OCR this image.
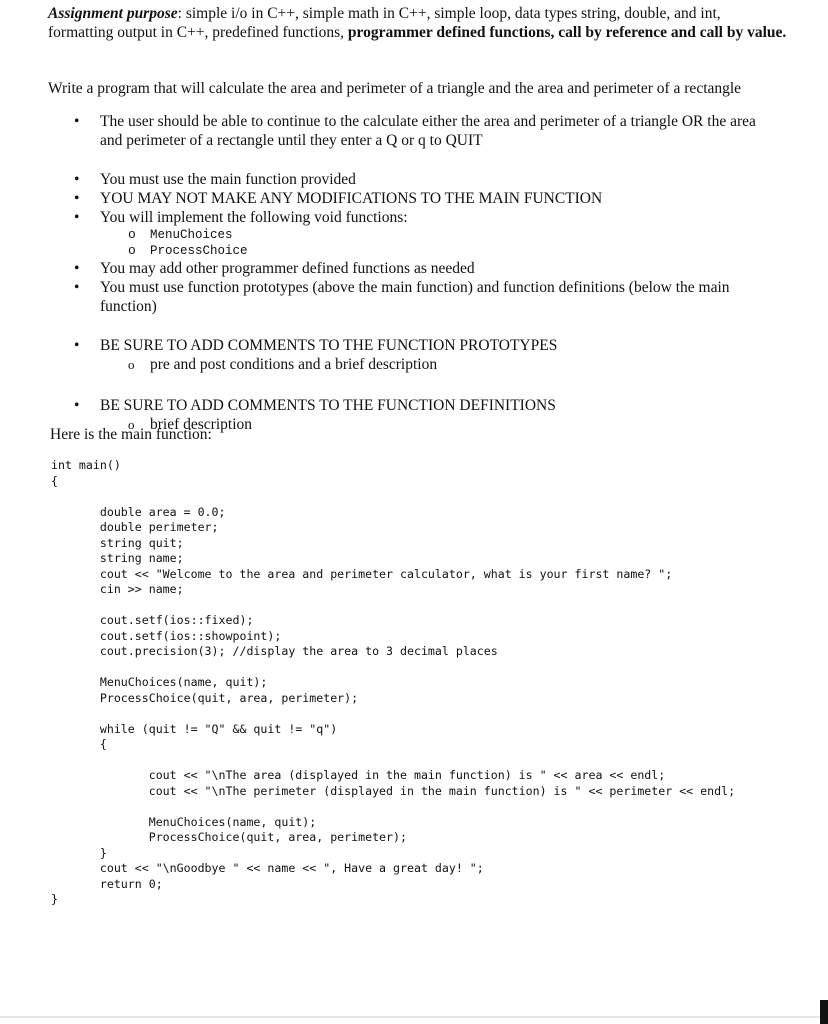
Assignment purpose: simple i/o in C++, simple math in C++, simple loop, data types string, double, and int, formatting output in C++, predefined functions, programmer defined functions, call by reference and call by value.
Write a program that will calculate the area and perimeter of a triangle and the area and perimeter of a rectangle
• The user should be able to continue to the calculate either the area and perimeter of a triangle OR the area and perimeter of a rectangle until they enter a Q or q to QUIT
• You must use the main function provided
• YOU MAY NOT MAKE ANY MODIFICATIONS TO THE MAIN FUNCTION
• You will implement the following void functions:
o MenuChoices
o ProcessChoice
• You may add other programmer defined functions as needed
• You must use function prototypes (above the main function) and function definitions (below the main function)
• BE SURE TO ADD COMMENTS TO THE FUNCTION PROTOTYPES
o pre and post conditions and a brief description
• BE SURE TO ADD COMMENTS TO THE FUNCTION DEFINITIONS
o brief description
Here is the main function:
int main()
{

double area = 0.0;
double perimeter;
string quit;
string name;
cout << "Welcome to the area and perimeter calculator, what is your first name? ";
cin >> name;

cout.setf(ios::fixed);
cout.setf(ios::showpoint);
cout.precision(3); //display the area to 3 decimal places

MenuChoices(name, quit);
ProcessChoice(quit, area, perimeter);

while (quit != "Q" && quit != "q")
{

cout << "\nThe area (displayed in the main function) is " << area << endl;
cout << "\nThe perimeter (displayed in the main function) is " << perimeter << endl;

MenuChoices(name, quit);
ProcessChoice(quit, area, perimeter);
}
cout << "\nGoodbye " << name << ", Have a great day! ";
return 0;
}
